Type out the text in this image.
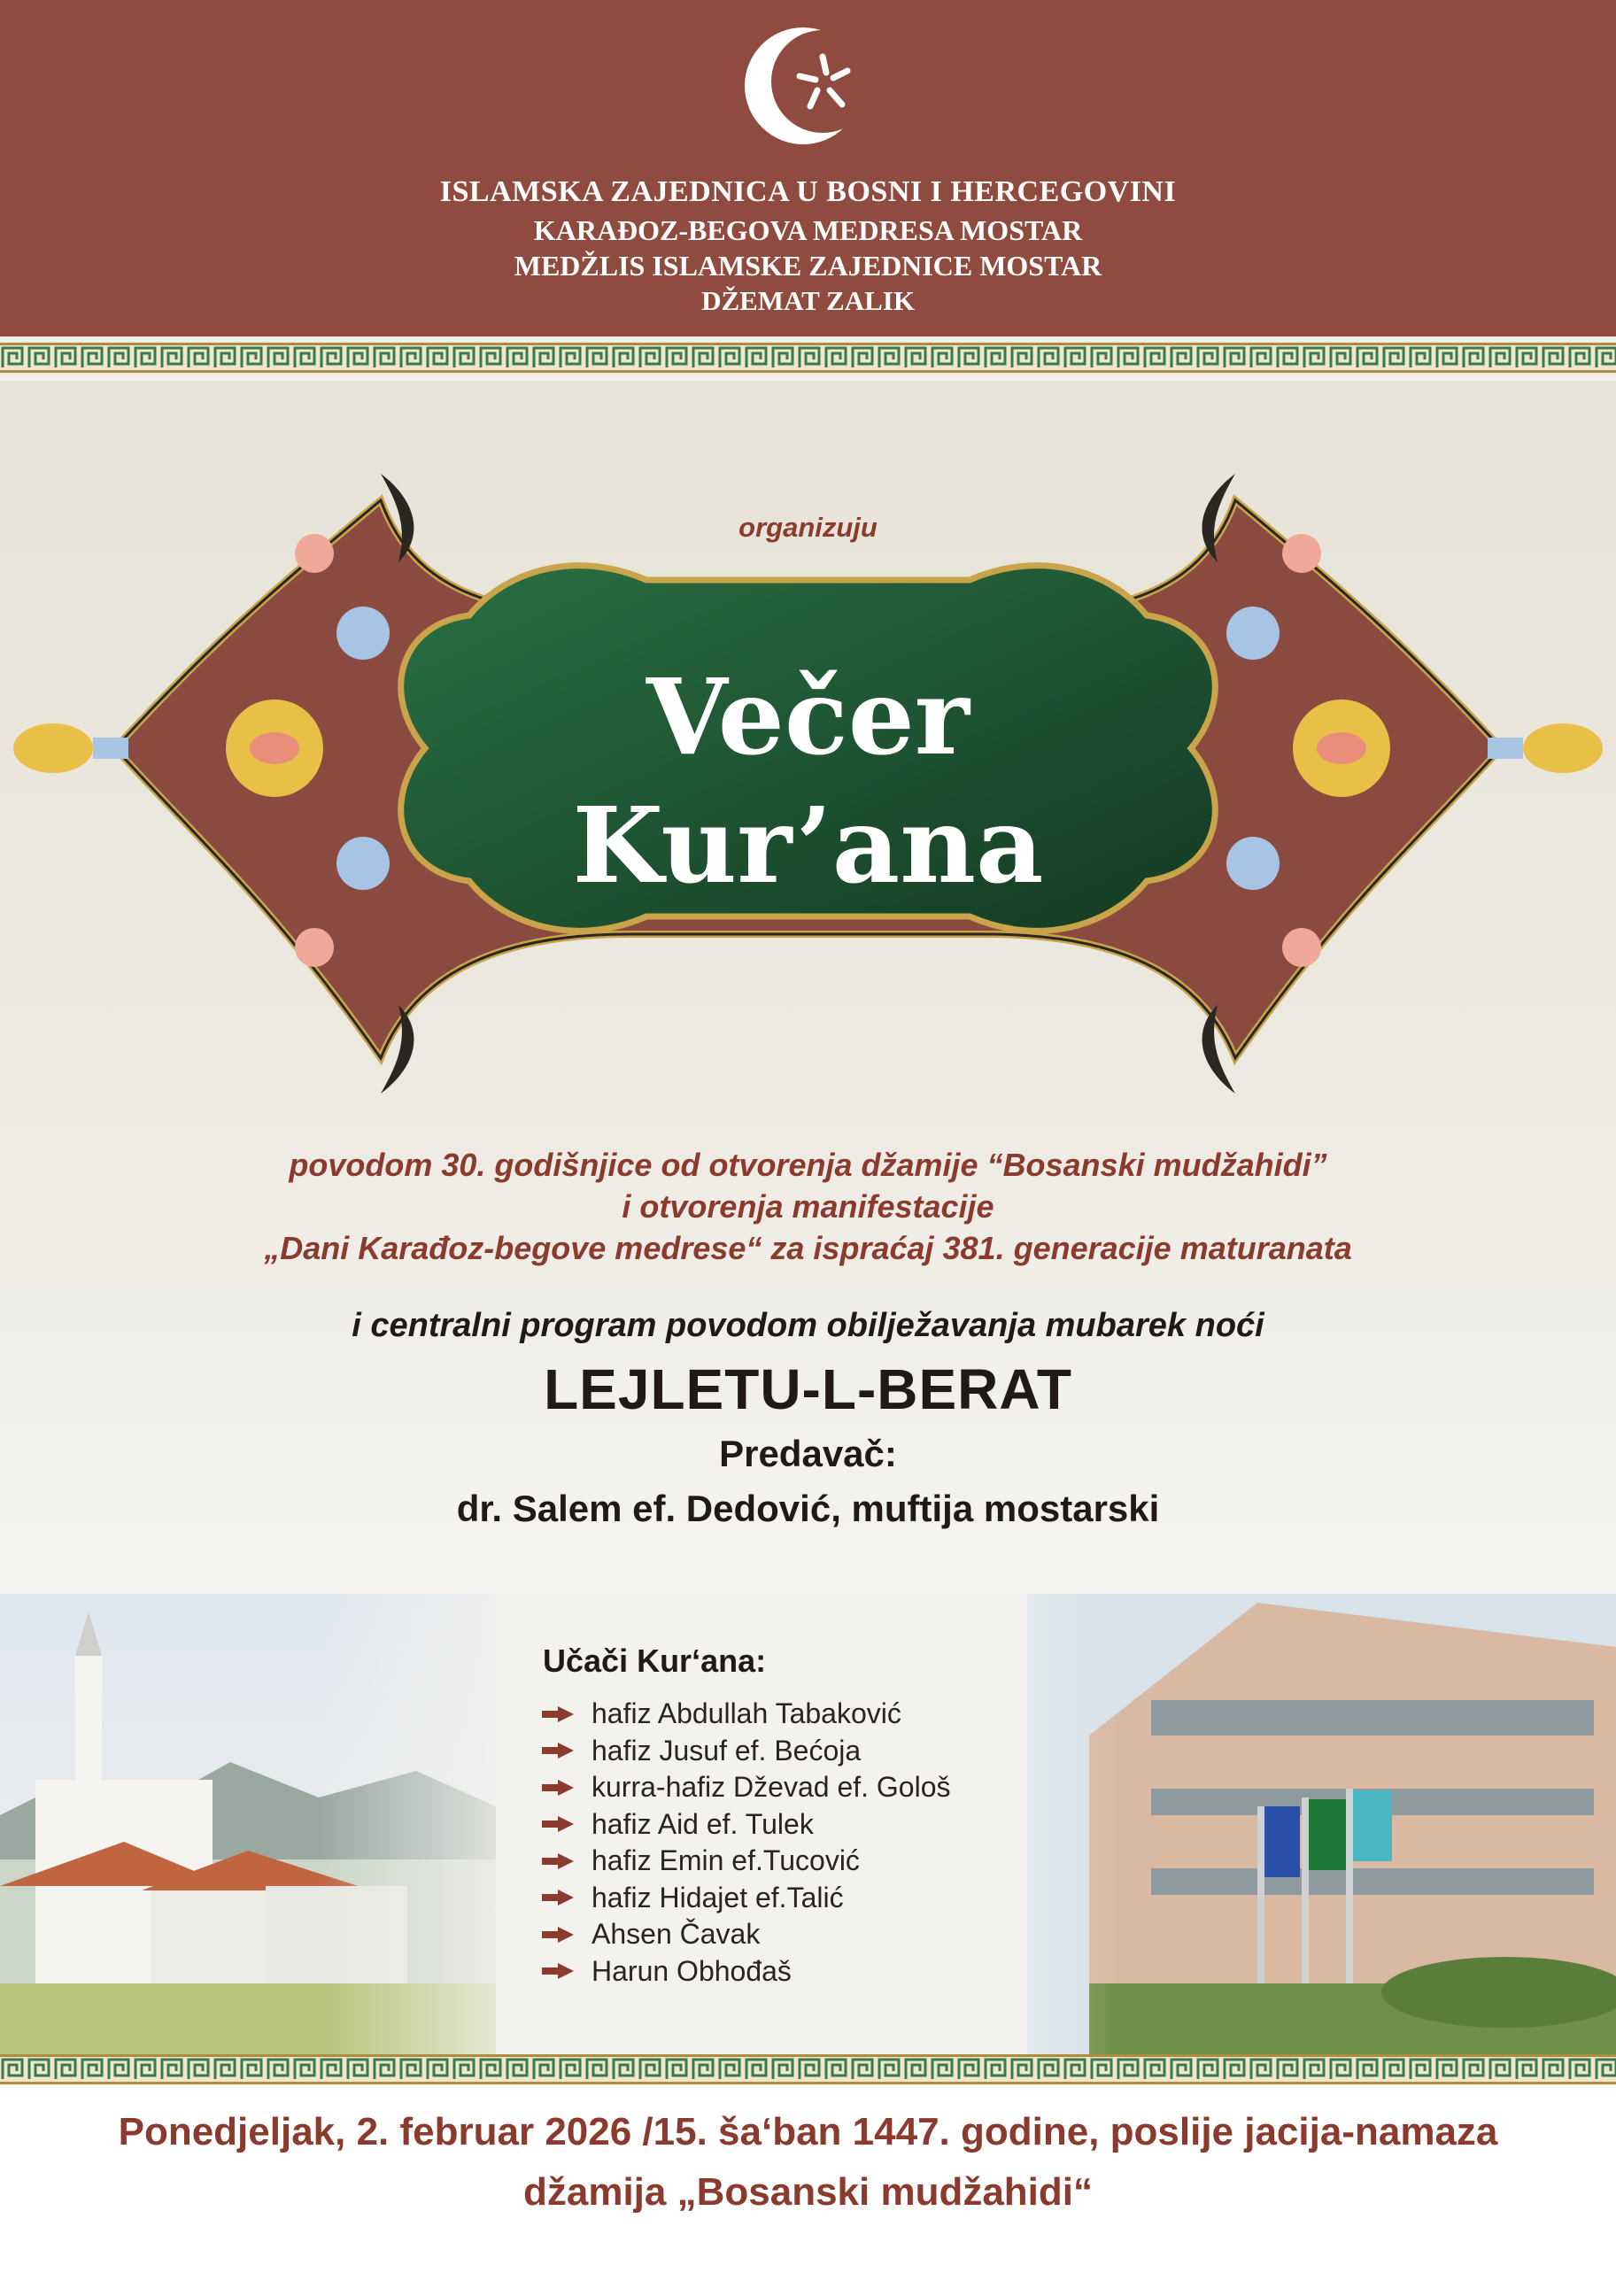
ISLAMSKA ZAJEDNICA U BOSNI I HERCEGOVINI
KARAĐOZ-BEGOVA MEDRESA MOSTAR
MEDŽLIS ISLAMSKE ZAJEDNICE MOSTAR
DŽEMAT ZALIK
organizuju
Večer
Kur’ana
povodom 30. godišnjice od otvorenja džamije “Bosanski mudžahidi”
i otvorenja manifestacije
„Dani Karađoz-begove medrese“ za ispraćaj 381. generacije maturanata
i centralni program povodom obilježavanja mubarek noći
LEJLETU-L-BERAT
Predavač:
dr. Salem ef. Dedović, muftija mostarski
Učači Kur‘ana:
hafiz Abdullah Tabaković
hafiz Jusuf ef. Bećoja
kurra-hafiz Dževad ef. Gološ
hafiz Aid ef. Tulek
hafiz Emin ef.Tucović
hafiz Hidajet ef.Talić
Ahsen Čavak
Harun Obhođaš
Ponedjeljak, 2. februar 2026 /15. ša‘ban 1447. godine, poslije jacija-namaza
džamija „Bosanski mudžahidi“
